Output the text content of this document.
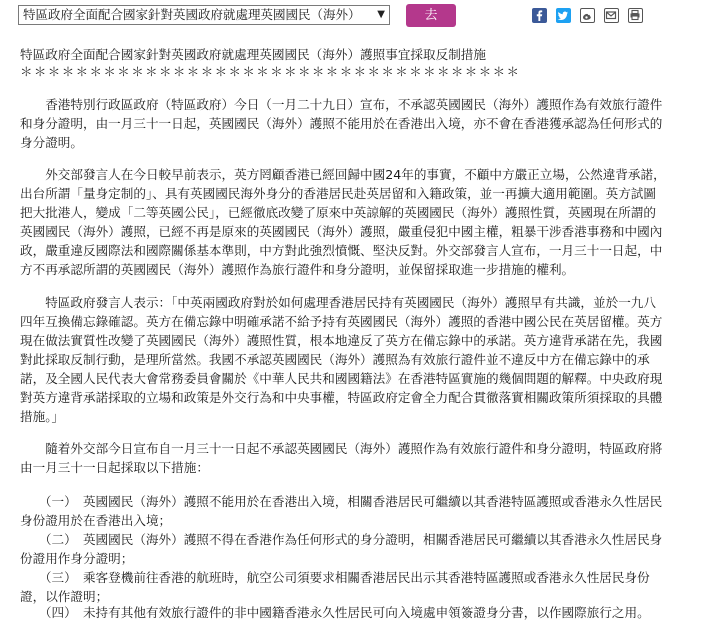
特區政府全面配合國家針對英國政府就處理英國國民（海外） ▼	去
特區政府全面配合國家針對英國政府就處理英國國民（海外）護照事宜採取反制措施
＊＊＊＊＊＊＊＊＊＊＊＊＊＊＊＊＊＊＊＊＊＊＊＊＊＊＊＊＊＊＊＊＊＊＊＊
　　香港特別行政區政府（特區政府）今日（一月二十九日）宣布，不承認英國國民（海外）護照作為有效旅行證件
和身分證明，由一月三十一日起，英國國民（海外）護照不能用於在香港出入境，亦不會在香港獲承認為任何形式的
身分證明。
　　外交部發言人在今日較早前表示，英方罔顧香港已經回歸中國24年的事實，不顧中方嚴正立場，公然違背承諾，
出台所謂「量身定制的」、具有英國國民海外身分的香港居民赴英居留和入籍政策，並一再擴大適用範圍。英方試圖
把大批港人，變成「二等英國公民」，已經徹底改變了原來中英諒解的英國國民（海外）護照性質，英國現在所謂的
英國國民（海外）護照，已經不再是原來的英國國民（海外）護照，嚴重侵犯中國主權，粗暴干涉香港事務和中國內
政，嚴重違反國際法和國際關係基本準則，中方對此強烈憤慨、堅決反對。外交部發言人宣布，一月三十一日起，中
方不再承認所謂的英國國民（海外）護照作為旅行證件和身分證明，並保留採取進一步措施的權利。
　　特區政府發言人表示：「中英兩國政府對於如何處理香港居民持有英國國民（海外）護照早有共識，並於一九八
四年互換備忘錄確認。英方在備忘錄中明確承諾不給予持有英國國民（海外）護照的香港中國公民在英居留權。英方
現在做法實質性改變了英國國民（海外）護照性質，根本地違反了英方在備忘錄中的承諾。英方違背承諾在先，我國
對此採取反制行動，是理所當然。我國不承認英國國民（海外）護照為有效旅行證件並不違反中方在備忘錄中的承
諾，及全國人民代表大會常務委員會關於《中華人民共和國國籍法》在香港特區實施的幾個問題的解釋。中央政府現
對英方違背承諾採取的立場和政策是外交行為和中央事權，特區政府定會全力配合貫徹落實相關政策所須採取的具體
措施。」
　　隨着外交部今日宣布自一月三十一日起不承認英國國民（海外）護照作為有效旅行證件和身分證明，特區政府將
由一月三十一日起採取以下措施：
　　（一）　英國國民（海外）護照不能用於在香港出入境，相關香港居民可繼續以其香港特區護照或香港永久性居民
身份證用於在香港出入境；
　　（二）　英國國民（海外）護照不得在香港作為任何形式的身分證明，相關香港居民可繼續以其香港永久性居民身
份證用作身分證明；
　　（三）　乘客登機前往香港的航班時，航空公司須要求相關香港居民出示其香港特區護照或香港永久性居民身份
證，以作證明；
　　（四）　未持有其他有效旅行證件的非中國籍香港永久性居民可向入境處申領簽證身分書，以作國際旅行之用。
